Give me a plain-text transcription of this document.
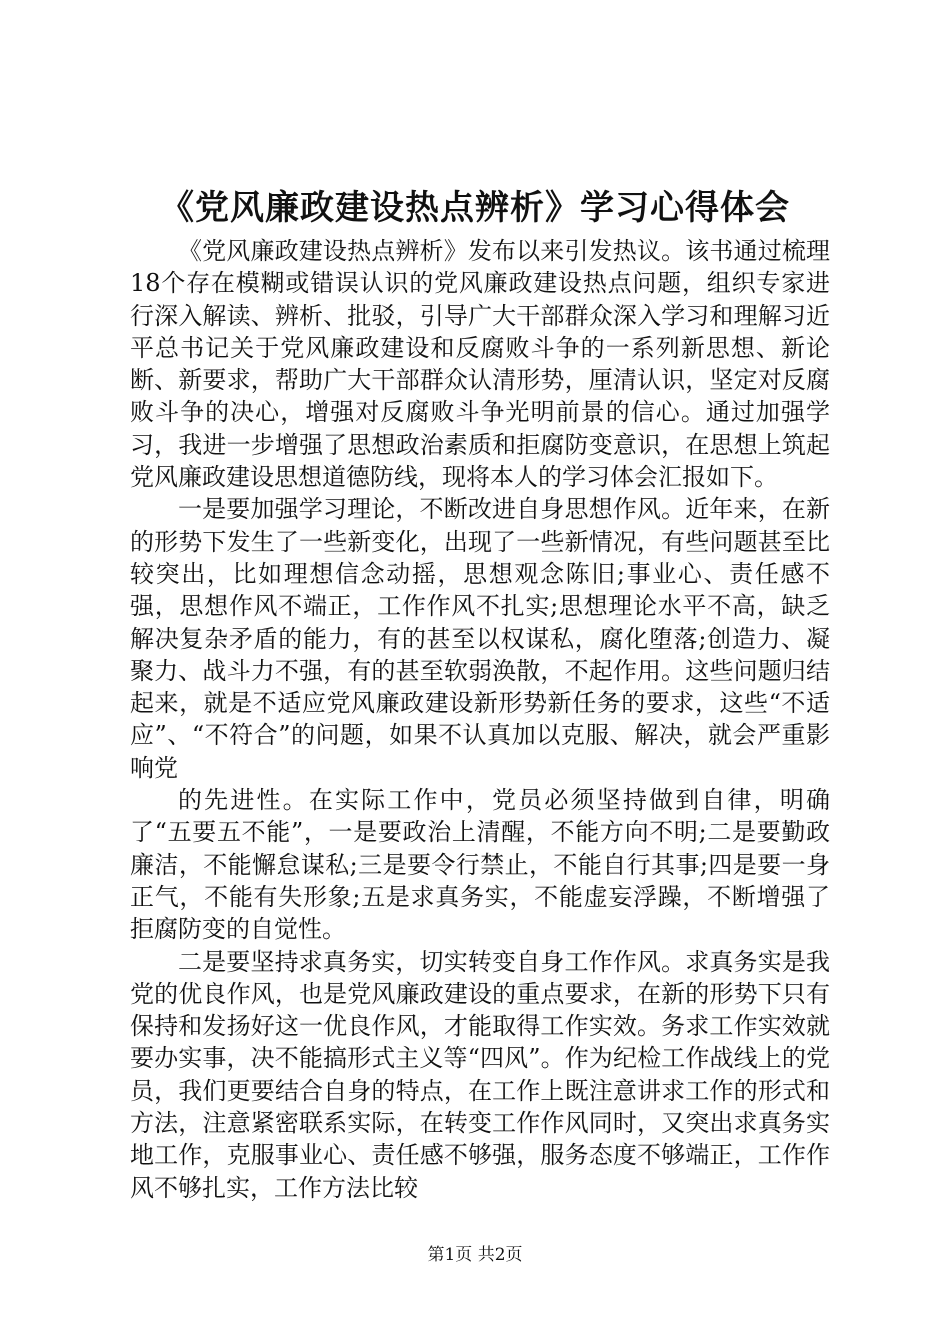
《党风廉政建设热点辨析》学习心得体会

《党风廉政建设热点辨析》发布以来引发热议。该书通过梳理18个存在模糊或错误认识的党风廉政建设热点问题，组织专家进行深入解读、辨析、批驳，引导广大干部群众深入学习和理解习近平总书记关于党风廉政建设和反腐败斗争的一系列新思想、新论断、新要求，帮助广大干部群众认清形势，厘清认识，坚定对反腐败斗争的决心，增强对反腐败斗争光明前景的信心。通过加强学习，我进一步增强了思想政治素质和拒腐防变意识，在思想上筑起党风廉政建设思想道德防线，现将本人的学习体会汇报如下。

一是要加强学习理论，不断改进自身思想作风。近年来，在新的形势下发生了一些新变化，出现了一些新情况，有些问题甚至比较突出，比如理想信念动摇，思想观念陈旧;事业心、责任感不强，思想作风不端正，工作作风不扎实;思想理论水平不高，缺乏解决复杂矛盾的能力，有的甚至以权谋私，腐化堕落;创造力、凝聚力、战斗力不强，有的甚至软弱涣散，不起作用。这些问题归结起来，就是不适应党风廉政建设新形势新任务的要求，这些“不适应”、“不符合”的问题，如果不认真加以克服、解决，就会严重影响党

的先进性。在实际工作中，党员必须坚持做到自律，明确了“五要五不能”，一是要政治上清醒，不能方向不明;二是要勤政廉洁，不能懈怠谋私;三是要令行禁止，不能自行其事;四是要一身正气，不能有失形象;五是求真务实，不能虚妄浮躁，不断增强了拒腐防变的自觉性。

二是要坚持求真务实，切实转变自身工作作风。求真务实是我党的优良作风，也是党风廉政建设的重点要求，在新的形势下只有保持和发扬好这一优良作风，才能取得工作实效。务求工作实效就要办实事，决不能搞形式主义等“四风”。作为纪检工作战线上的党员，我们更要结合自身的特点，在工作上既注意讲求工作的形式和方法，注意紧密联系实际，在转变工作作风同时，又突出求真务实地工作，克服事业心、责任感不够强，服务态度不够端正，工作作风不够扎实，工作方法比较

第1页 共2页
